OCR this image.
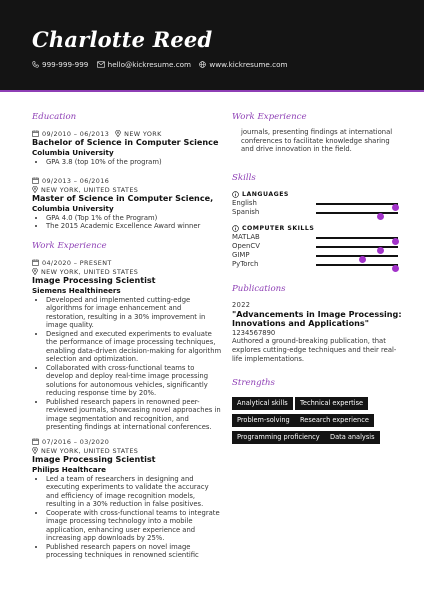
Charlotte Reed
999-999-999
	hello@kickresume.com
	www.kickresume.com
Education
09/2010 – 06/2013 NEW YORK
Bachelor of Science in Computer Science
Columbia University
• GPA 3.8 (top 10% of the program)
09/2013 – 06/2016
NEW YORK, UNITED STATES
Master of Science in Computer Science,
Columbia University
• GPA 4.0 (Top 1% of the Program)
• The 2015 Academic Excellence Award winner
Work Experience
04/2020 – PRESENT
NEW YORK, UNITED STATES
Image Processing Scientist
Siemens Healthineers
• Developed and implemented cutting-edge algorithms for image enhancement and restoration, resulting in a 30% improvement in image quality.
• Designed and executed experiments to evaluate the performance of image processing techniques, enabling data-driven decision-making for algorithm selection and optimization.
• Collaborated with cross-functional teams to develop and deploy real-time image processing solutions for autonomous vehicles, significantly reducing response time by 20%.
• Published research papers in renowned peer-reviewed journals, showcasing novel approaches in image segmentation and recognition, and presenting findings at international conferences.
07/2016 – 03/2020
NEW YORK, UNITED STATES
Image Processing Scientist
Philips Healthcare
• Led a team of researchers in designing and executing experiments to validate the accuracy and efficiency of image recognition models, resulting in a 30% reduction in false positives.
• Cooperate with cross-functional teams to integrate image processing technology into a mobile application, enhancing user experience and increasing app downloads by 25%.
• Published research papers on novel image processing techniques in renowned scientific
Work Experience
journals, presenting findings at international conferences to facilitate knowledge sharing and drive innovation in the field.
Skills
LANGUAGES
English
Spanish
COMPUTER SKILLS
MATLAB
OpenCV
GIMP
PyTorch
Publications
2022
"Advancements in Image Processing: Innovations and Applications"
1234567890
Authored a ground-breaking publication, that explores cutting-edge techniques and their real-life implementations.
Strengths
Analytical skills	Technical expertise
Problem-solving	Research experience
Programming proficiency	Data analysis
